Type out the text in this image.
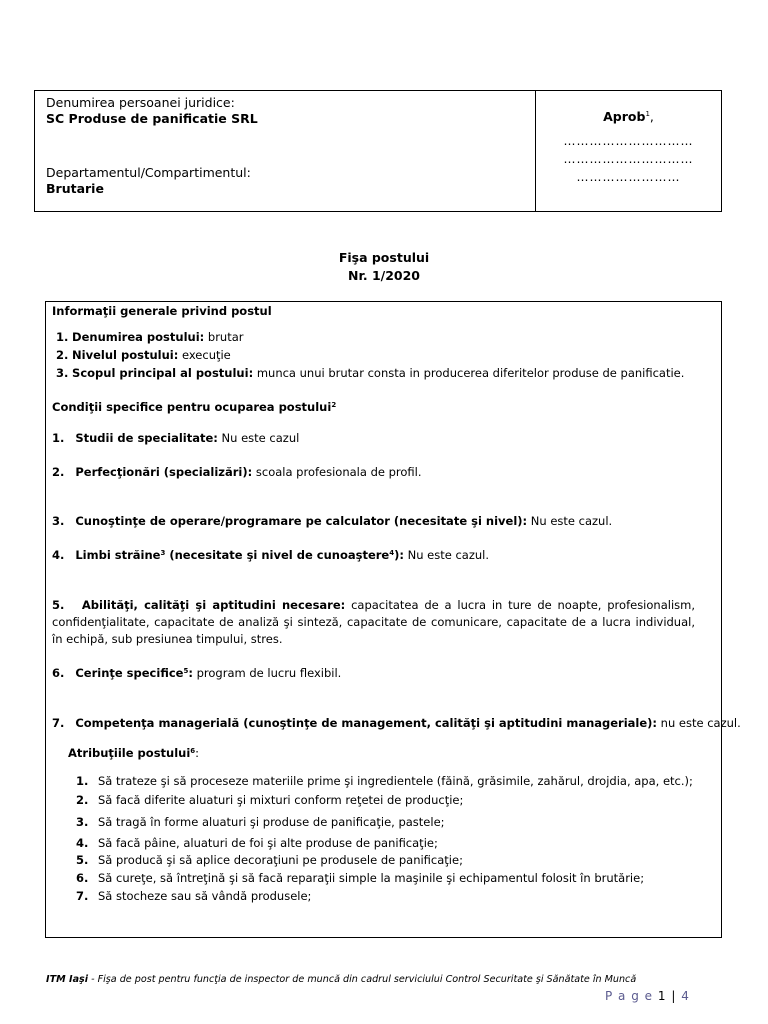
Denumirea persoanei juridice:
SC Produse de panificatie SRL
Departamentul/Compartimentul:
Brutarie
Aprob$^1$,
…………………………
…………………………
……………………
Fişa postului
Nr. 1/2020
Informaţii generale privind postul
1. Denumirea postului: brutar
2. Nivelul postului: execuţie
3. Scopul principal al postului: munca unui brutar consta in producerea diferitelor produse de panificatie.
Condiţii specifice pentru ocuparea postului$^2$
1. Studii de specialitate: Nu este cazul
2. Perfecţionări (specializări): scoala profesionala de profil.
3. Cunoştinţe de operare/programare pe calculator (necesitate şi nivel): Nu este cazul.
4. Limbi străine$^3$ (necesitate şi nivel de cunoaştere$^4$): Nu este cazul.
5. Abilităţi, calităţi şi aptitudini necesare: capacitatea de a lucra in ture de noapte, profesionalism,
confidenţialitate, capacitate de analiză şi sinteză, capacitate de comunicare, capacitate de a lucra individual,
în echipă, sub presiunea timpului, stres.
6. Cerinţe specifice$^5$: program de lucru flexibil.
7. Competenţa managerială (cunoştinţe de management, calităţi şi aptitudini manageriale): nu este cazul.
Atribuţiile postului$^6$:
1. Să trateze şi să proceseze materiile prime şi ingredientele (făină, grăsimile, zahărul, drojdia, apa, etc.);
2. Să facă diferite aluaturi şi mixturi conform reţetei de producţie;
3. Să tragă în forme aluaturi şi produse de panificaţie, pastele;
4. Să facă pâine, aluaturi de foi şi alte produse de panificaţie;
5. Să producă şi să aplice decoraţiuni pe produsele de panificaţie;
6. Să cureţe, să întreţină şi să facă reparaţii simple la maşinile şi echipamentul folosit în brutărie;
7. Să stocheze sau să vândă produsele;
ITM Iaşi - Fişa de post pentru funcţia de inspector de muncă din cadrul serviciului Control Securitate şi Sănătate în Muncă
P a g e 1 | 4
